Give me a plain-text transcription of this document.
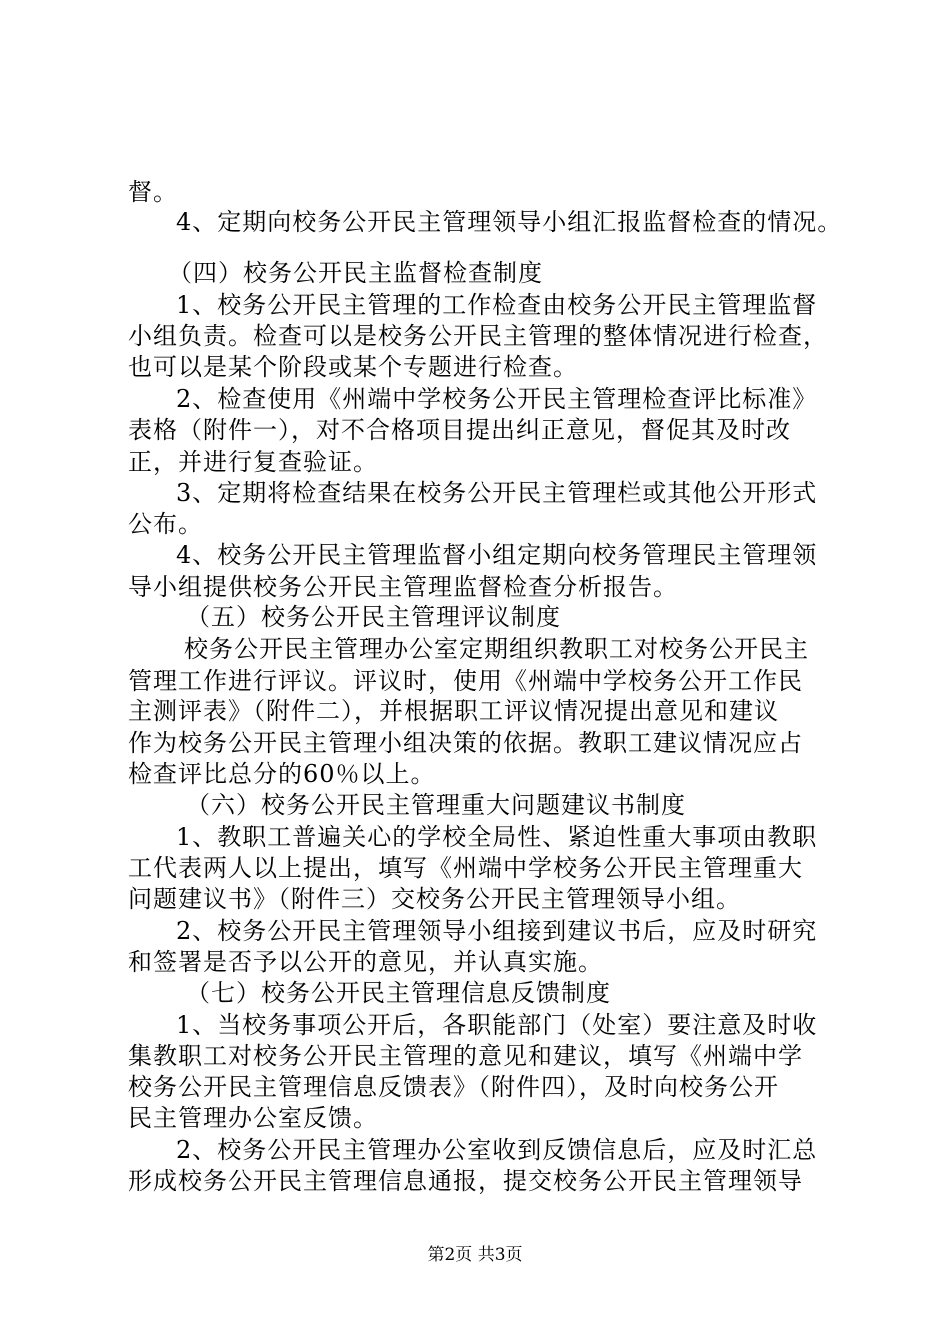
督。
4、定期向校务公开民主管理领导小组汇报监督检查的情况。
（四）校务公开民主监督检查制度
1、校务公开民主管理的工作检查由校务公开民主管理监督
小组负责。检查可以是校务公开民主管理的整体情况进行检查，
也可以是某个阶段或某个专题进行检查。
2、检查使用《州端中学校务公开民主管理检查评比标准》
表格（附件一），对不合格项目提出纠正意见，督促其及时改
正，并进行复查验证。
3、定期将检查结果在校务公开民主管理栏或其他公开形式
公布。
4、校务公开民主管理监督小组定期向校务管理民主管理领
导小组提供校务公开民主管理监督检查分析报告。
（五）校务公开民主管理评议制度
校务公开民主管理办公室定期组织教职工对校务公开民主
管理工作进行评议。评议时，使用《州端中学校务公开工作民
主测评表》（附件二），并根据职工评议情况提出意见和建议
作为校务公开民主管理小组决策的依据。教职工建议情况应占
检查评比总分的60％以上。
（六）校务公开民主管理重大问题建议书制度
1、教职工普遍关心的学校全局性、紧迫性重大事项由教职
工代表两人以上提出，填写《州端中学校务公开民主管理重大
问题建议书》（附件三）交校务公开民主管理领导小组。
2、校务公开民主管理领导小组接到建议书后，应及时研究
和签署是否予以公开的意见，并认真实施。
（七）校务公开民主管理信息反馈制度
1、当校务事项公开后，各职能部门（处室）要注意及时收
集教职工对校务公开民主管理的意见和建议，填写《州端中学
校务公开民主管理信息反馈表》（附件四），及时向校务公开
民主管理办公室反馈。
2、校务公开民主管理办公室收到反馈信息后，应及时汇总
形成校务公开民主管理信息通报，提交校务公开民主管理领导
第2页 共3页
